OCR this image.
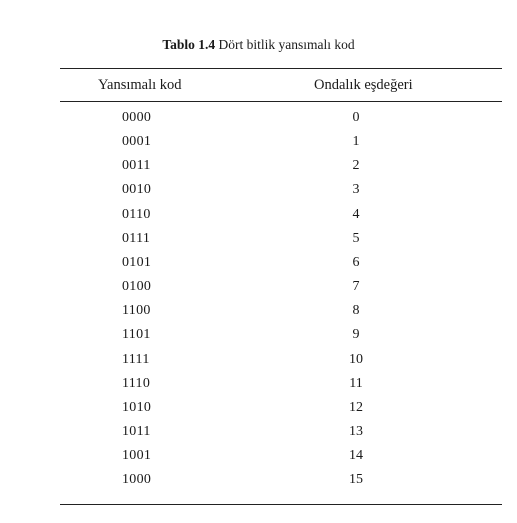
Tablo 1.4 Dört bitlik yansımalı kod
Yansımalı kod	Ondalık eşdeğeri
0000	0
0001	1
0011	2
0010	3
0110	4
0111	5
0101	6
0100	7
1100	8
1101	9
1111	10
1110	11
1010	12
1011	13
1001	14
1000	15
